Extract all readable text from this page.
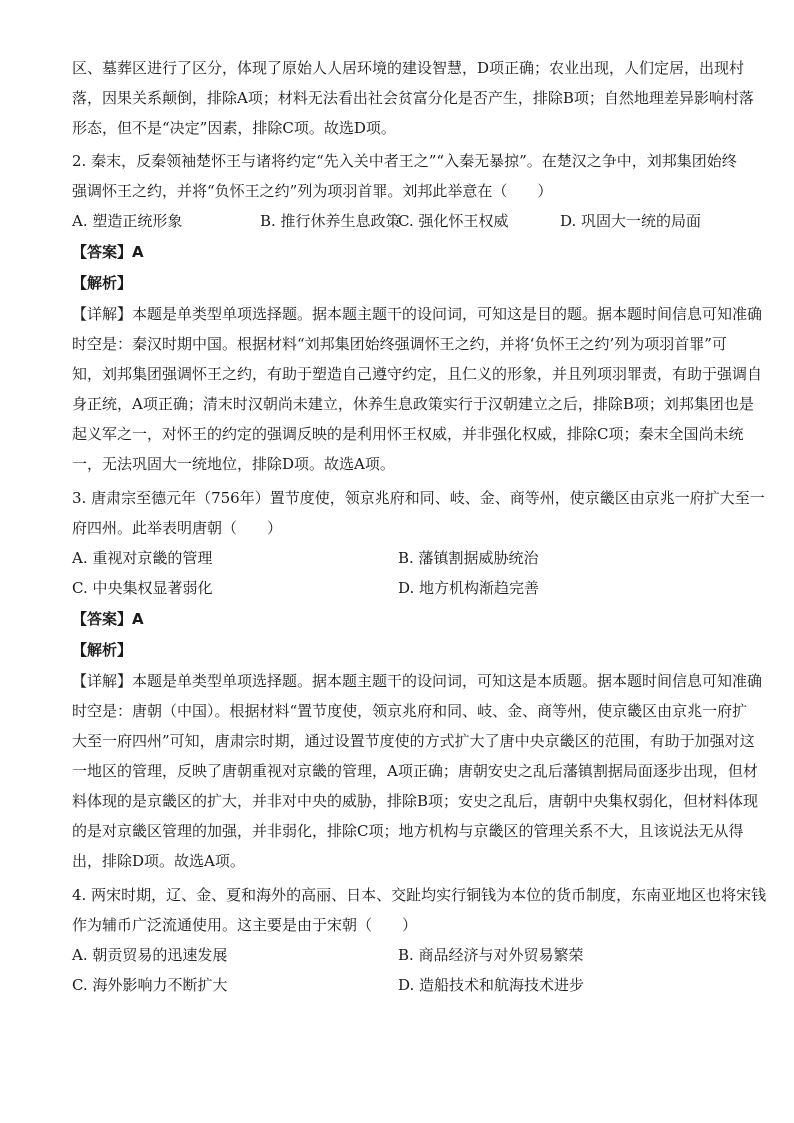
区、墓葬区进行了区分，体现了原始人人居环境的建设智慧，D项正确；农业出现，人们定居，出现村
落，因果关系颠倒，排除A项；材料无法看出社会贫富分化是否产生，排除B项；自然地理差异影响村落
形态，但不是“决定”因素，排除C项。故选D项。
2. 秦末，反秦领袖楚怀王与诸将约定“先入关中者王之”“入秦无暴掠”。在楚汉之争中，刘邦集团始终
强调怀王之约，并将“负怀王之约”列为项羽首罪。刘邦此举意在（　　）
A. 塑造正统形象	B. 推行休养生息政策
C. 强化怀王权威	D. 巩固大一统的局面
【答案】A
【解析】
【详解】本题是单类型单项选择题。据本题主题干的设问词，可知这是目的题。据本题时间信息可知准确
时空是：秦汉时期中国。根据材料“刘邦集团始终强调怀王之约，并将‘负怀王之约’列为项羽首罪”可
知，刘邦集团强调怀王之约，有助于塑造自己遵守约定，且仁义的形象，并且列项羽罪责，有助于强调自
身正统，A项正确；清末时汉朝尚未建立，休养生息政策实行于汉朝建立之后，排除B项；刘邦集团也是
起义军之一，对怀王的约定的强调反映的是利用怀王权威，并非强化权威，排除C项；秦末全国尚未统
一，无法巩固大一统地位，排除D项。故选A项。
3. 唐肃宗至德元年（756年）置节度使，领京兆府和同、岐、金、商等州，使京畿区由京兆一府扩大至一
府四州。此举表明唐朝（　　）
A. 重视对京畿的管理	B. 藩镇割据威胁统治
C. 中央集权显著弱化	D. 地方机构渐趋完善
【答案】A
【解析】
【详解】本题是单类型单项选择题。据本题主题干的设问词，可知这是本质题。据本题时间信息可知准确
时空是：唐朝（中国）。根据材料“置节度使，领京兆府和同、岐、金、商等州，使京畿区由京兆一府扩
大至一府四州”可知，唐肃宗时期，通过设置节度使的方式扩大了唐中央京畿区的范围，有助于加强对这
一地区的管理，反映了唐朝重视对京畿的管理，A项正确；唐朝安史之乱后藩镇割据局面逐步出现，但材
料体现的是京畿区的扩大，并非对中央的威胁，排除B项；安史之乱后，唐朝中央集权弱化，但材料体现
的是对京畿区管理的加强，并非弱化，排除C项；地方机构与京畿区的管理关系不大，且该说法无从得
出，排除D项。故选A项。
4. 两宋时期，辽、金、夏和海外的高丽、日本、交趾均实行铜钱为本位的货币制度，东南亚地区也将宋钱
作为辅币广泛流通使用。这主要是由于宋朝（　　）
A. 朝贡贸易的迅速发展	B. 商品经济与对外贸易繁荣
C. 海外影响力不断扩大	D. 造船技术和航海技术进步
